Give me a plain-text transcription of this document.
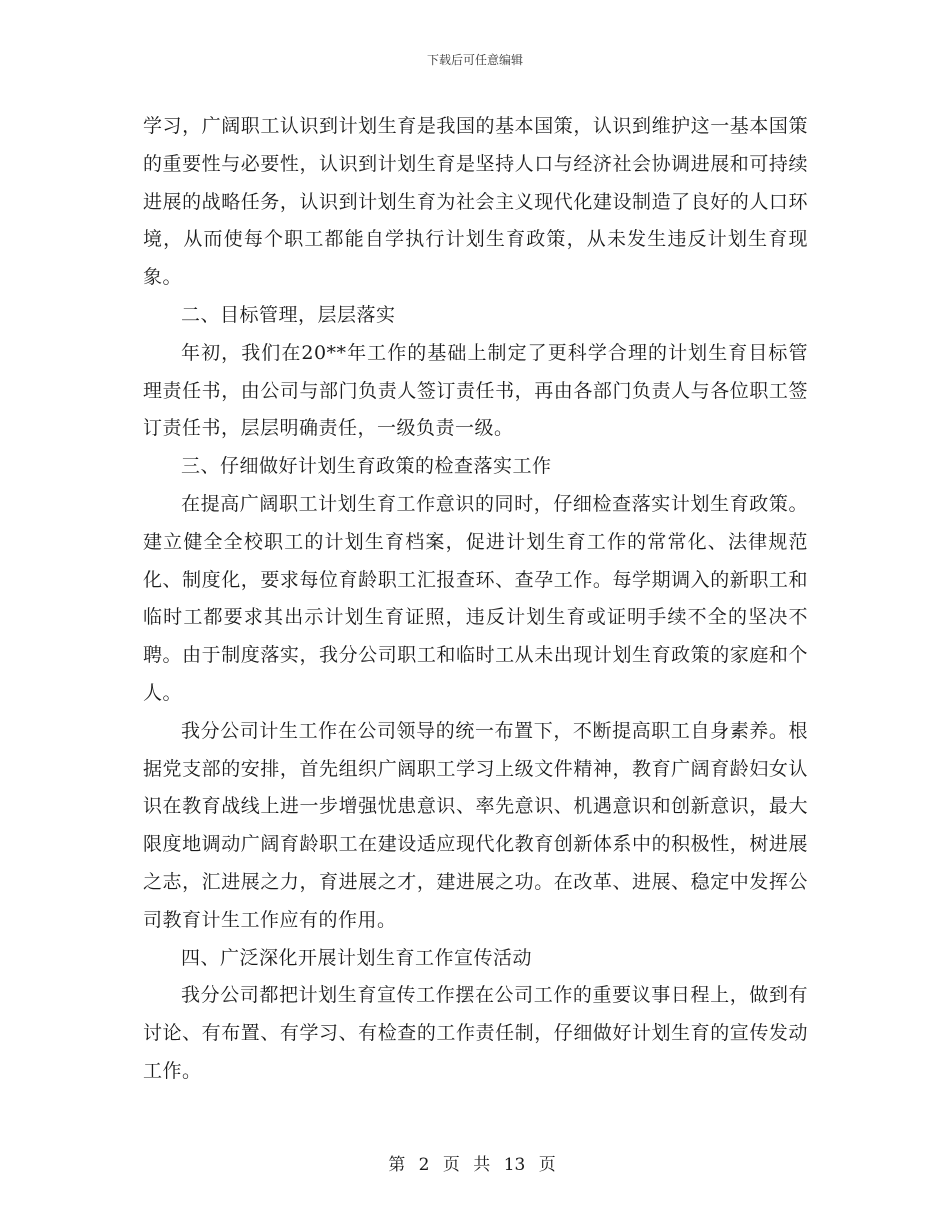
下载后可任意编辑

学习，广阔职工认识到计划生育是我国的基本国策，认识到维护这一基本国策的重要性与必要性，认识到计划生育是坚持人口与经济社会协调进展和可持续进展的战略任务，认识到计划生育为社会主义现代化建设制造了良好的人口环境，从而使每个职工都能自学执行计划生育政策，从未发生违反计划生育现象。

二、目标管理，层层落实

年初，我们在20**年工作的基础上制定了更科学合理的计划生育目标管理责任书，由公司与部门负责人签订责任书，再由各部门负责人与各位职工签订责任书，层层明确责任，一级负责一级。

三、仔细做好计划生育政策的检查落实工作

在提高广阔职工计划生育工作意识的同时，仔细检查落实计划生育政策。建立健全全校职工的计划生育档案，促进计划生育工作的常常化、法律规范化、制度化，要求每位育龄职工汇报查环、查孕工作。每学期调入的新职工和临时工都要求其出示计划生育证照，违反计划生育或证明手续不全的坚决不聘。由于制度落实，我分公司职工和临时工从未出现计划生育政策的家庭和个人。

我分公司计生工作在公司领导的统一布置下，不断提高职工自身素养。根据党支部的安排，首先组织广阔职工学习上级文件精神，教育广阔育龄妇女认识在教育战线上进一步增强忧患意识、率先意识、机遇意识和创新意识，最大限度地调动广阔育龄职工在建设适应现代化教育创新体系中的积极性，树进展之志，汇进展之力，育进展之才，建进展之功。在改革、进展、稳定中发挥公司教育计生工作应有的作用。

四、广泛深化开展计划生育工作宣传活动

我分公司都把计划生育宣传工作摆在公司工作的重要议事日程上，做到有讨论、有布置、有学习、有检查的工作责任制，仔细做好计划生育的宣传发动工作。

第 2 页 共 13 页
